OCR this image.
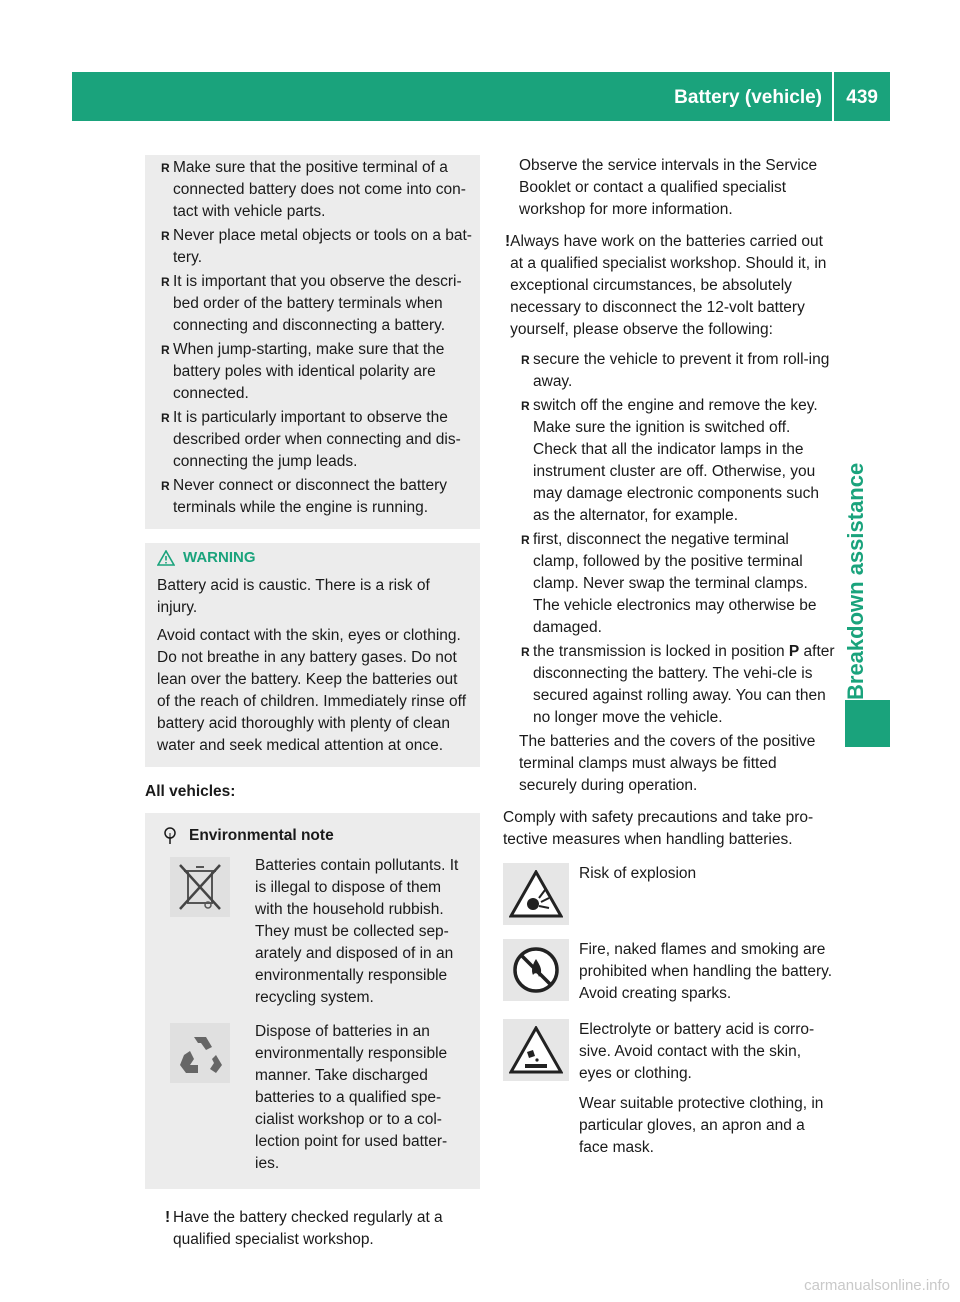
Battery (vehicle) 439
Breakdown assistance
R Make sure that the positive terminal of a connected battery does not come into con-tact with vehicle parts.
R Never place metal objects or tools on a bat-tery.
R It is important that you observe the descri-bed order of the battery terminals when connecting and disconnecting a battery.
R When jump-starting, make sure that the battery poles with identical polarity are connected.
R It is particularly important to observe the described order when connecting and dis-connecting the jump leads.
R Never connect or disconnect the battery terminals while the engine is running.
WARNING

Battery acid is caustic. There is a risk of injury.

Avoid contact with the skin, eyes or clothing. Do not breathe in any battery gases. Do not lean over the battery. Keep the batteries out of the reach of children. Immediately rinse off battery acid thoroughly with plenty of clean water and seek medical attention at once.

All vehicles:
Environmental note
Batteries contain pollutants. It is illegal to dispose of them with the household rubbish. They must be collected sep-arately and disposed of in an environmentally responsible recycling system.
Dispose of batteries in an environmentally responsible manner. Take discharged batteries to a qualified spe-cialist workshop or to a col-lection point for used batter-ies.
! Have the battery checked regularly at a qualified specialist workshop.

Observe the service intervals in the Service Booklet or contact a qualified specialist workshop for more information.

! Always have work on the batteries carried out at a qualified specialist workshop. Should it, in exceptional circumstances, be absolutely necessary to disconnect the 12-volt battery yourself, please observe the following:
R secure the vehicle to prevent it from roll-ing away.
R switch off the engine and remove the key. Make sure the ignition is switched off. Check that all the indicator lamps in the instrument cluster are off. Otherwise, you may damage electronic components such as the alternator, for example.
R first, disconnect the negative terminal clamp, followed by the positive terminal clamp. Never swap the terminal clamps. The vehicle electronics may otherwise be damaged.
R the transmission is locked in position P after disconnecting the battery. The vehi-cle is secured against rolling away. You can then no longer move the vehicle.

The batteries and the covers of the positive terminal clamps must always be fitted securely during operation.

Comply with safety precautions and take pro-tective measures when handling batteries.

Risk of explosion
Fire, naked flames and smoking are prohibited when handling the battery. Avoid creating sparks.
Electrolyte or battery acid is corro-sive. Avoid contact with the skin, eyes or clothing.
Wear suitable protective clothing, in particular gloves, an apron and a face mask.
carmanualsonline.info
